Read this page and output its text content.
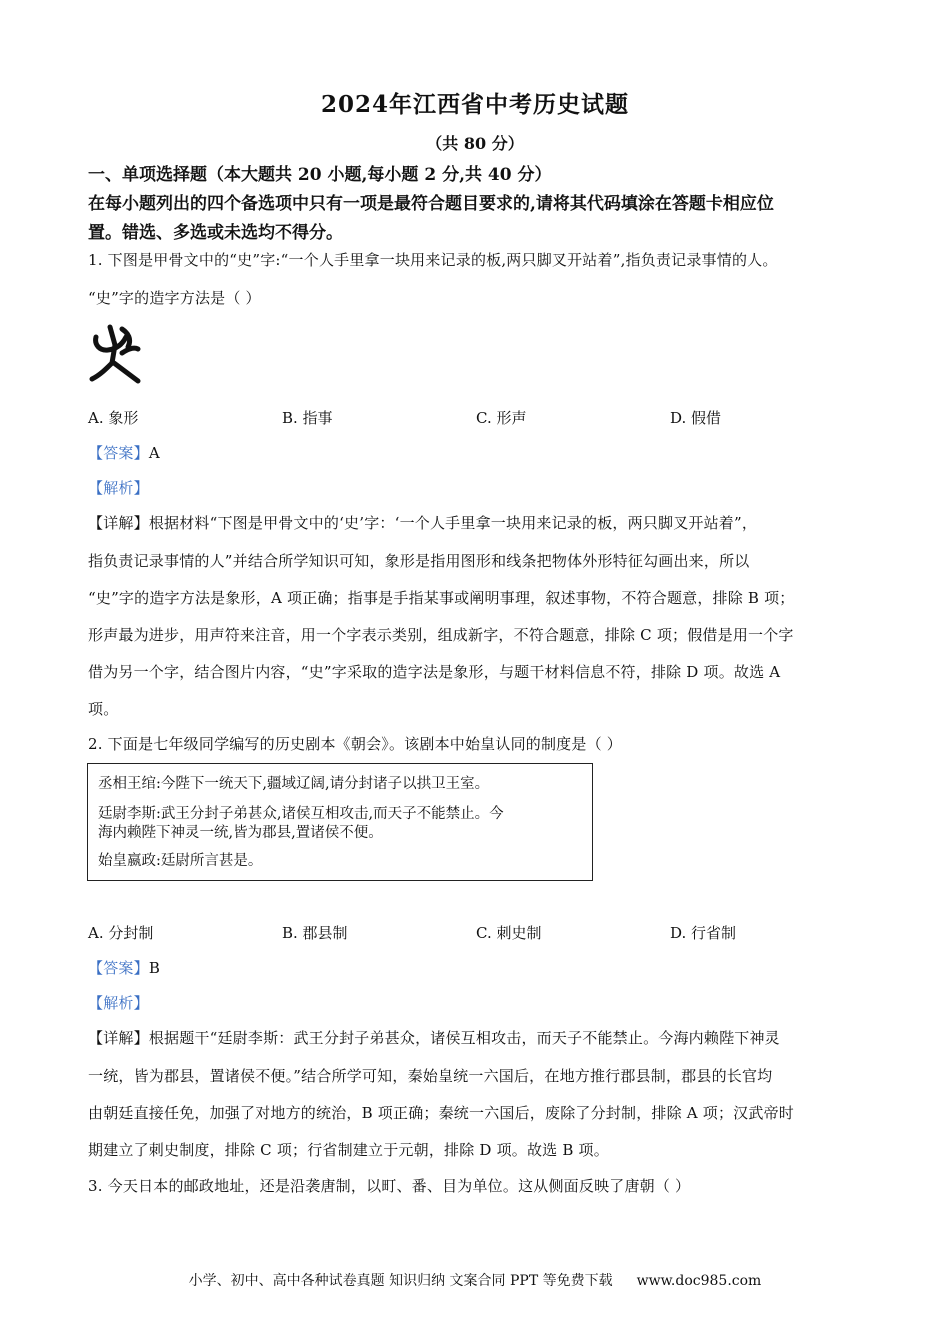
2024年江西省中考历史试题
（共 80 分）
一、单项选择题（本大题共 20 小题,每小题 2 分,共 40 分）
在每小题列出的四个备选项中只有一项是最符合题目要求的,请将其代码填涂在答题卡相应位
置。错选、多选或未选均不得分。
1. 下图是甲骨文中的“史”字:“一个人手里拿一块用来记录的板,两只脚叉开站着”,指负责记录事情的人。
“史”字的造字方法是（ ）
A. 象形	B. 指事	C. 形声	D. 假借
【答案】A
【解析】
【详解】根据材料“下图是甲骨文中的‘史’字：‘一个人手里拿一块用来记录的板，两只脚叉开站着”，
指负责记录事情的人”并结合所学知识可知，象形是指用图形和线条把物体外形特征勾画出来，所以
“史”字的造字方法是象形，A 项正确；指事是手指某事或阐明事理，叙述事物，不符合题意，排除 B 项；
形声最为进步，用声符来注音，用一个字表示类别，组成新字，不符合题意，排除 C 项；假借是用一个字
借为另一个字，结合图片内容，“史”字采取的造字法是象形，与题干材料信息不符，排除 D 项。故选 A
项。
2. 下面是七年级同学编写的历史剧本《朝会》。该剧本中始皇认同的制度是（ ）
丞相王绾:今陛下一统天下,疆域辽阔,请分封诸子以拱卫王室。
廷尉李斯:武王分封子弟甚众,诸侯互相攻击,而天子不能禁止。今
海内赖陛下神灵一统,皆为郡县,置诸侯不便。
始皇嬴政:廷尉所言甚是。
A. 分封制	B. 郡县制	C. 刺史制	D. 行省制
【答案】B
【解析】
【详解】根据题干“廷尉李斯：武王分封子弟甚众，诸侯互相攻击，而天子不能禁止。今海内赖陛下神灵
一统，皆为郡县，置诸侯不便。”结合所学可知，秦始皇统一六国后，在地方推行郡县制，郡县的长官均
由朝廷直接任免，加强了对地方的统治，B 项正确；秦统一六国后，废除了分封制，排除 A 项；汉武帝时
期建立了刺史制度，排除 C 项；行省制建立于元朝，排除 D 项。故选 B 项。
3. 今天日本的邮政地址，还是沿袭唐制，以町、番、目为单位。这从侧面反映了唐朝（ ）
小学、初中、高中各种试卷真题 知识归纳 文案合同 PPT 等免费下载 www.doc985.com
